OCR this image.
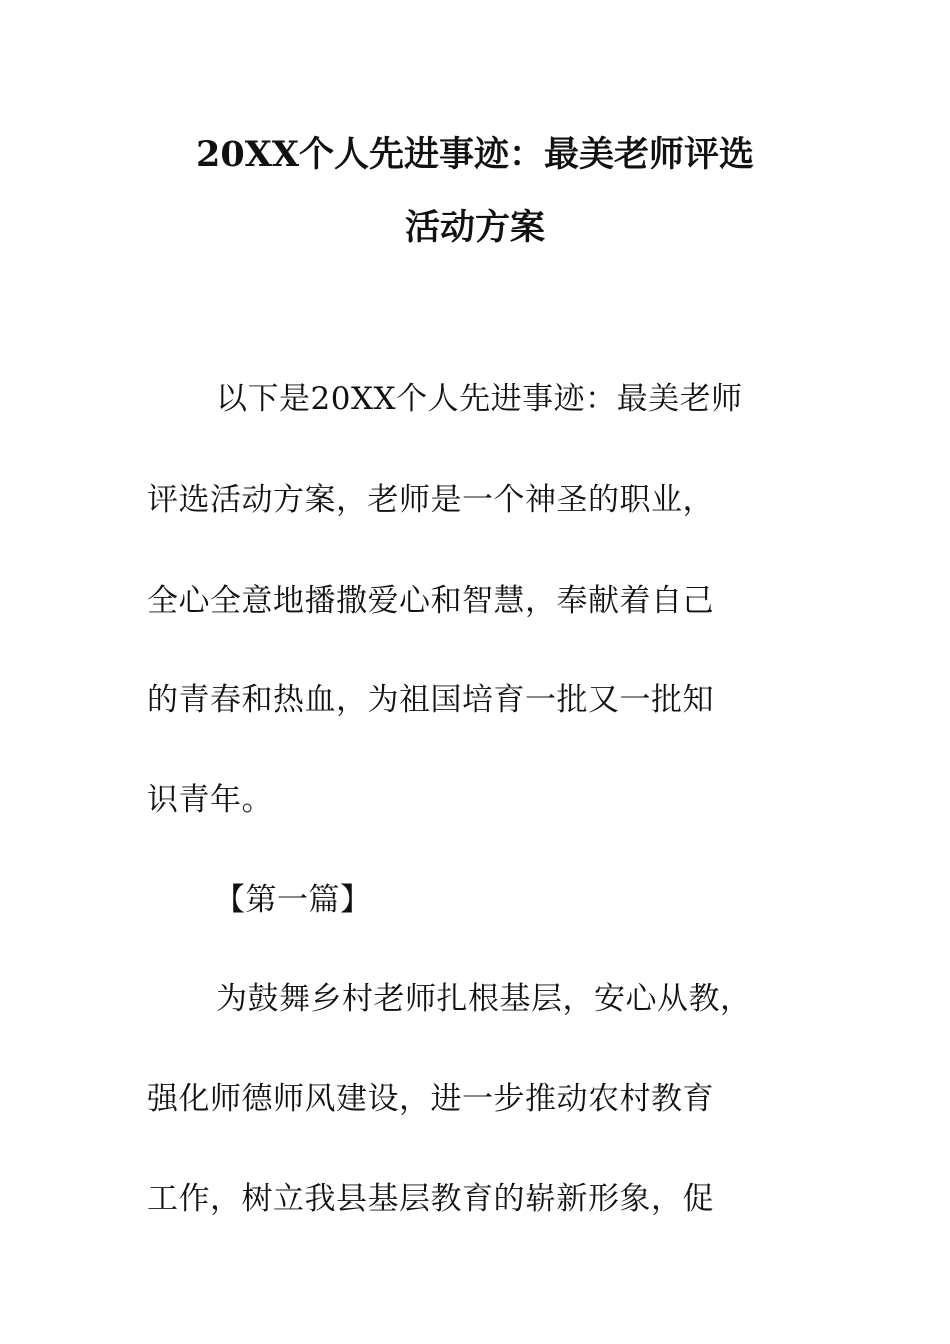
20XX个人先进事迹：最美老师评选
活动方案
以下是20XX个人先进事迹：最美老师
评选活动方案，老师是一个神圣的职业，
全心全意地播撒爱心和智慧，奉献着自己
的青春和热血，为祖国培育一批又一批知
识青年。
【第一篇】
为鼓舞乡村老师扎根基层，安心从教，
强化师德师风建设，进一步推动农村教育
工作，树立我县基层教育的崭新形象，促
